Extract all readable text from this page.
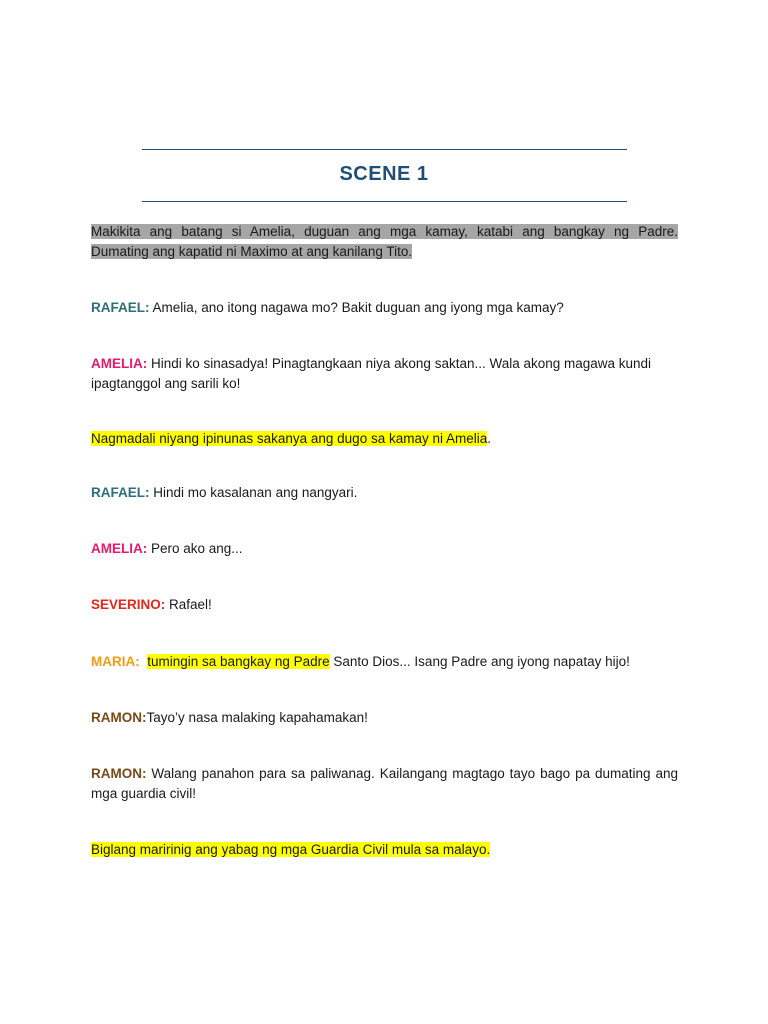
SCENE 1
Makikita ang batang si Amelia, duguan ang mga kamay, katabi ang bangkay ng Padre.
Dumating ang kapatid ni Maximo at ang kanilang Tito.
RAFAEL: Amelia, ano itong nagawa mo? Bakit duguan ang iyong mga kamay?
AMELIA: Hindi ko sinasadya! Pinagtangkaan niya akong saktan... Wala akong magawa kundi ipagtanggol ang sarili ko!
Nagmadali niyang ipinunas sakanya ang dugo sa kamay ni Amelia.
RAFAEL: Hindi mo kasalanan ang nangyari.
AMELIA: Pero ako ang...
SEVERINO: Rafael!
MARIA: tumingin sa bangkay ng Padre Santo Dios... Isang Padre ang iyong napatay hijo!
RAMON:Tayo’y nasa malaking kapahamakan!
RAMON: Walang panahon para sa paliwanag. Kailangang magtago tayo bago pa dumating ang mga guardia civil!
Biglang maririnig ang yabag ng mga Guardia Civil mula sa malayo.
